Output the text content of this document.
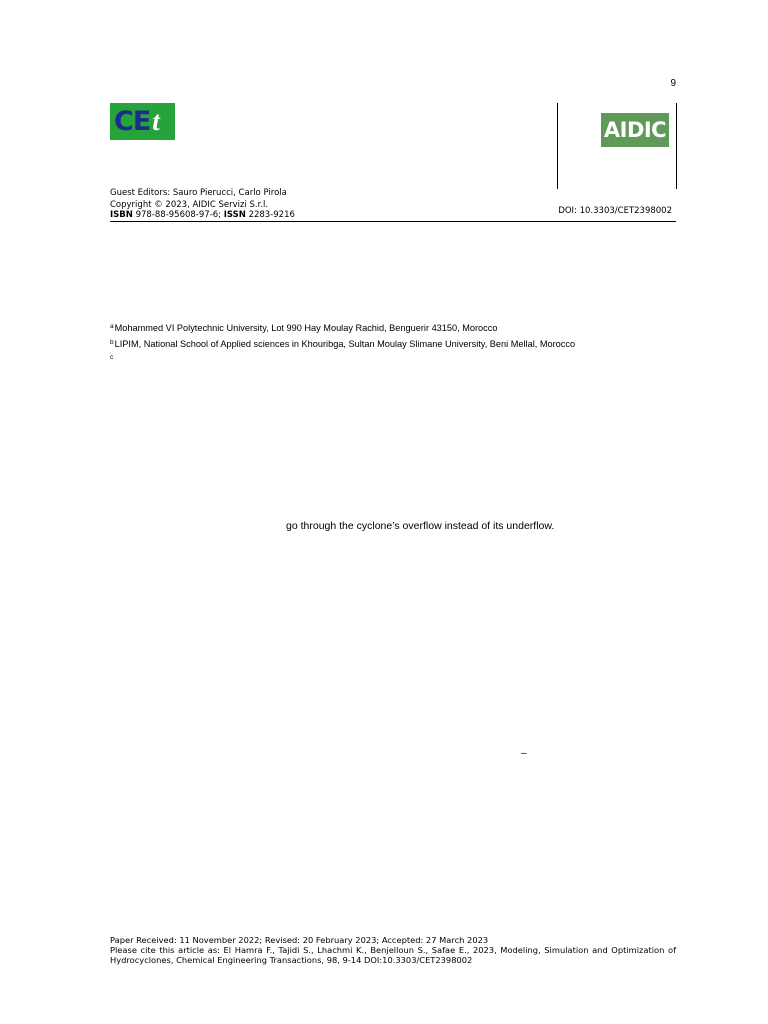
9
CE t	AIDIC
Guest Editors: Sauro Pierucci, Carlo Pirola
Copyright © 2023, AIDIC Servizi S.r.l.
ISBN 978-88-95608-97-6; ISSN 2283-9216	DOI: 10.3303/CET2398002
$^a$Mohammed VI Polytechnic University, Lot 990 Hay Moulay Rachid, Benguerir 43150, Morocco
$^b$LIPIM, National School of Applied sciences in Khouribga, Sultan Moulay Slimane University, Beni Mellal, Morocco
$^c$
go through the cyclone’s overflow instead of its underflow.
–
Paper Received: 11 November 2022; Revised: 20 February 2023; Accepted: 27 March 2023
Please cite this article as: El Hamra F., Tajidi S., Lhachmi K., Benjelloun S., Safae E., 2023, Modeling, Simulation and Optimization of
Hydrocyclones, Chemical Engineering Transactions, 98, 9-14 DOI:10.3303/CET2398002
